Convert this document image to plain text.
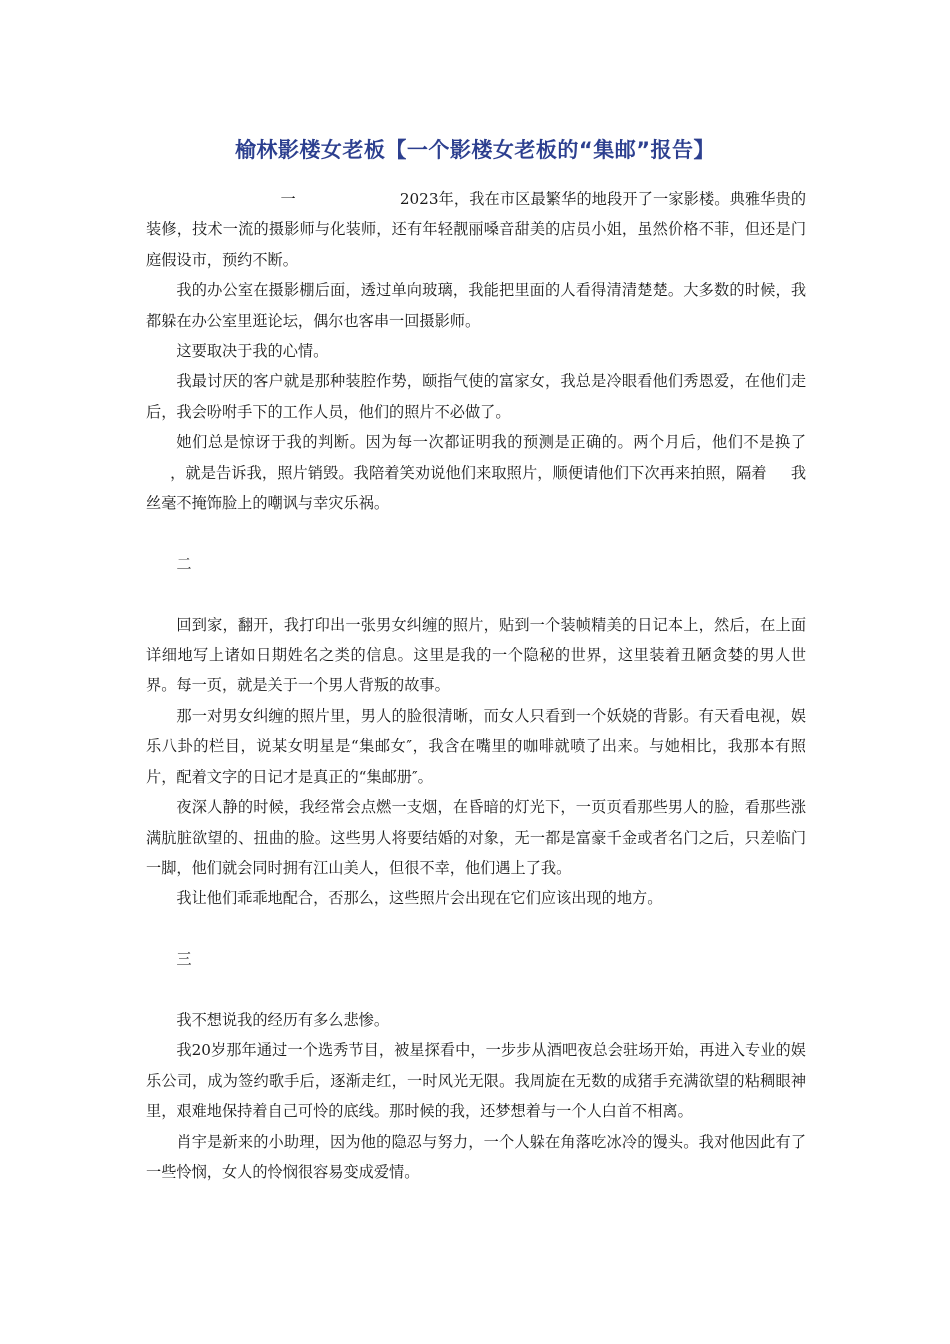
榆林影楼女老板【一个影楼女老板的“集邮”报告】

一	2023年，我在市区最繁华的地段开了一家影楼。典雅华贵的装修，技术一流的摄影师与化装师，还有年轻靓丽嗓音甜美的店员小姐，虽然价格不菲，但还是门庭假设市，预约不断。

我的办公室在摄影棚后面，透过单向玻璃，我能把里面的人看得清清楚楚。大多数的时候，我都躲在办公室里逛论坛，偶尔也客串一回摄影师。

这要取决于我的心情。

我最讨厌的客户就是那种装腔作势，颐指气使的富家女，我总是冷眼看他们秀恩爱，在他们走后，我会吩咐手下的工作人员，他们的照片不必做了。

她们总是惊讶于我的判断。因为每一次都证明我的预测是正确的。两个月后，他们不是换了，就是告诉我，照片销毁。我陪着笑劝说他们来取照片，顺便请他们下次再来拍照，隔着 我丝毫不掩饰脸上的嘲讽与幸灾乐祸。

二

回到家，翻开，我打印出一张男女纠缠的照片，贴到一个装帧精美的日记本上，然后，在上面详细地写上诸如日期姓名之类的信息。这里是我的一个隐秘的世界，这里装着丑陋贪婪的男人世界。每一页，就是关于一个男人背叛的故事。

那一对男女纠缠的照片里，男人的脸很清晰，而女人只看到一个妖娆的背影。有天看电视，娱乐八卦的栏目，说某女明星是“集邮女″，我含在嘴里的咖啡就喷了出来。与她相比，我那本有照片，配着文字的日记才是真正的“集邮册″。

夜深人静的时候，我经常会点燃一支烟，在昏暗的灯光下，一页页看那些男人的脸，看那些涨满肮脏欲望的、扭曲的脸。这些男人将要结婚的对象，无一都是富豪千金或者名门之后，只差临门一脚，他们就会同时拥有江山美人，但很不幸，他们遇上了我。

我让他们乖乖地配合，否那么，这些照片会出现在它们应该出现的地方。

三

我不想说我的经历有多么悲惨。

我20岁那年通过一个选秀节目，被星探看中，一步步从酒吧夜总会驻场开始，再进入专业的娱乐公司，成为签约歌手后，逐渐走红，一时风光无限。我周旋在无数的成猪手充满欲望的粘稠眼神里，艰难地保持着自己可怜的底线。那时候的我，还梦想着与一个人白首不相离。

肖宇是新来的小助理，因为他的隐忍与努力，一个人躲在角落吃冰冷的馒头。我对他因此有了一些怜悯，女人的怜悯很容易变成爱情。
